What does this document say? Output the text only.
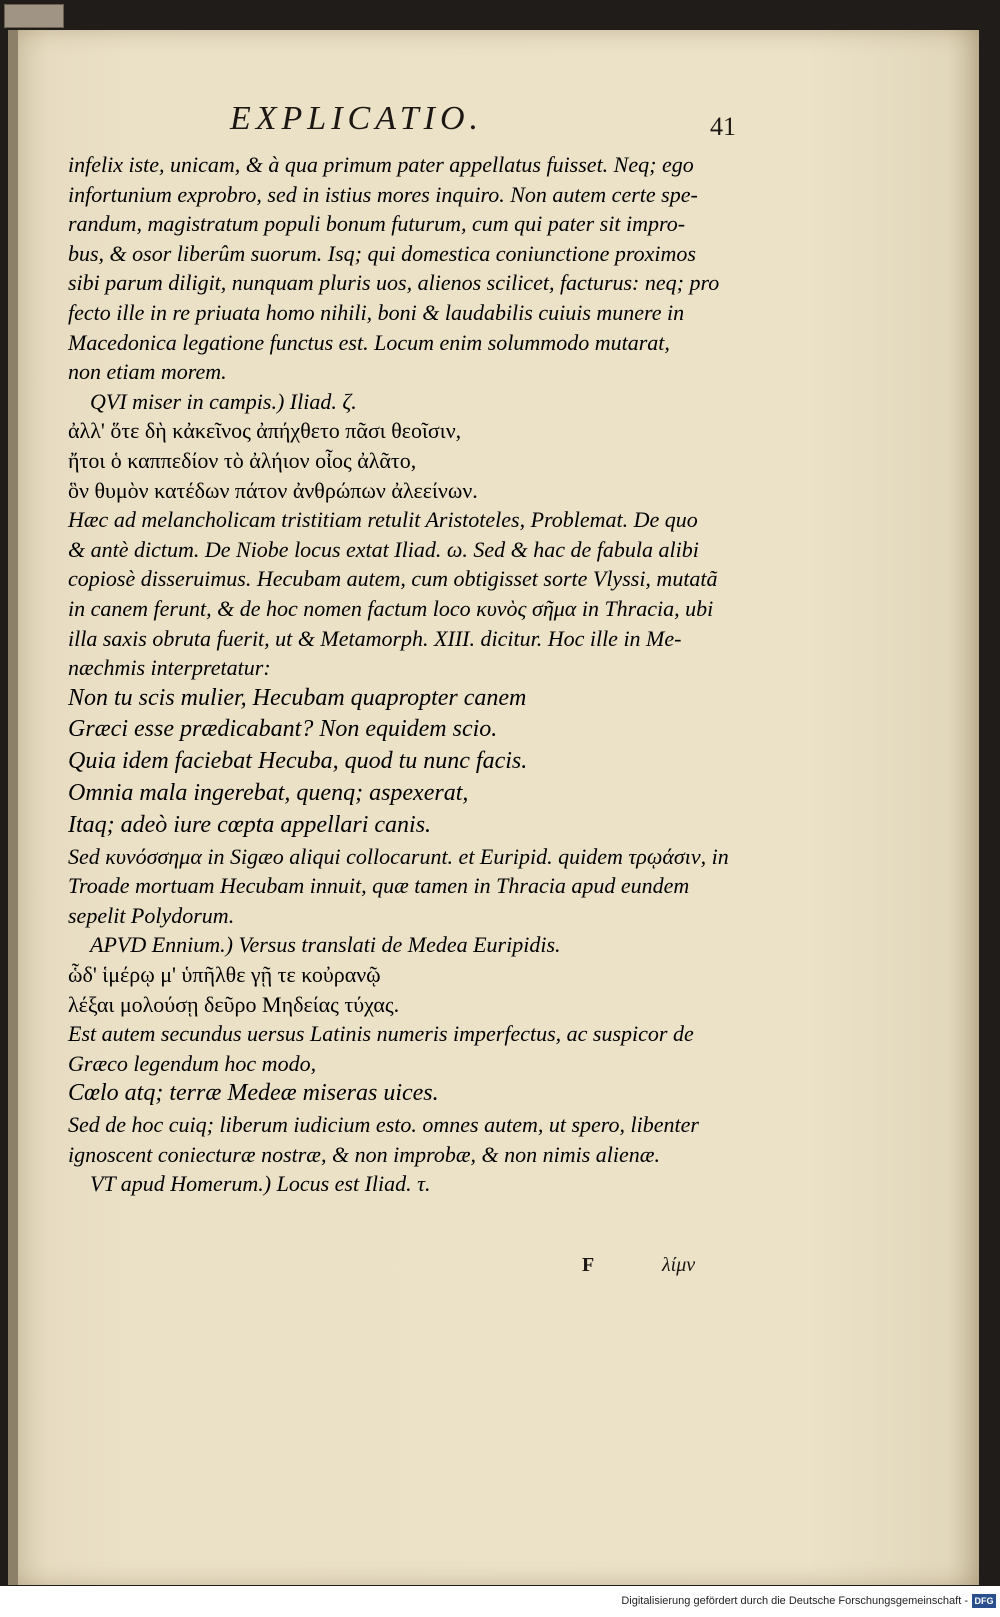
EXPLICATIO.	41
infelix iste, unicam, & à qua primum pater appellatus fuisset. Neq; ego
infortunium exprobro, sed in istius mores inquiro. Non autem certe spe-
randum, magistratum populi bonum futurum, cum qui pater sit impro-
bus, & osor liberûm suorum. Isq; qui domestica coniunctione proximos
sibi parum diligit, nunquam pluris uos, alienos scilicet, facturus: neq; pro
fecto ille in re priuata homo nihili, boni & laudabilis cuiuis munere in
Macedonica legatione functus est. Locum enim solummodo mutarat,
non etiam morem.
QVI miser in campis.) Iliad. ζ.
ἀλλ' ὅτε δὴ κἀκεῖνος ἀπήχθετο πᾶσι θεοῖσιν,
ἤτοι ὁ καππεδίον τὸ ἀλήιον οἶος ἀλᾶτο,
ὃν θυμὸν κατέδων πάτον ἀνθρώπων ἀλεείνων.
Hæc ad melancholicam tristitiam retulit Aristoteles, Problemat. De quo
& antè dictum. De Niobe locus extat Iliad. ω. Sed & hac de fabula alibi
copiosè disseruimus. Hecubam autem, cum obtigisset sorte Vlyssi, mutatã
in canem ferunt, & de hoc nomen factum loco κυνὸς σῆμα in Thracia, ubi
illa saxis obruta fuerit, ut & Metamorph. XIII. dicitur. Hoc ille in Me-
næchmis interpretatur:
Non tu scis mulier, Hecubam quapropter canem
Græci esse prædicabant? Non equidem scio.
Quia idem faciebat Hecuba, quod tu nunc facis.
Omnia mala ingerebat, quenq; aspexerat,
Itaq; adeò iure cœpta appellari canis.
Sed κυνόσσημα in Sigæo aliqui collocarunt. et Euripid. quidem τρῳάσιν, in
Troade mortuam Hecubam innuit, quæ tamen in Thracia apud eundem
sepelit Polydorum.
APVD Ennium.) Versus translati de Medea Euripidis.
ὧδ' ἱμέρῳ μ' ὑπῆλθε γῇ τε κοὐρανῷ
λέξαι μολούσῃ δεῦρο Μηδείας τύχας.
Est autem secundus uersus Latinis numeris imperfectus, ac suspicor de
Græco legendum hoc modo,
Cœlo atq; terræ Medeæ miseras uices.
Sed de hoc cuiq; liberum iudicium esto. omnes autem, ut spero, libenter
ignoscent coniecturæ nostræ, & non improbæ, & non nimis alienæ.
VT apud Homerum.) Locus est Iliad. τ.
F	λίμν
Digitalisierung gefördert durch die Deutsche Forschungsgemeinschaft - DFG
